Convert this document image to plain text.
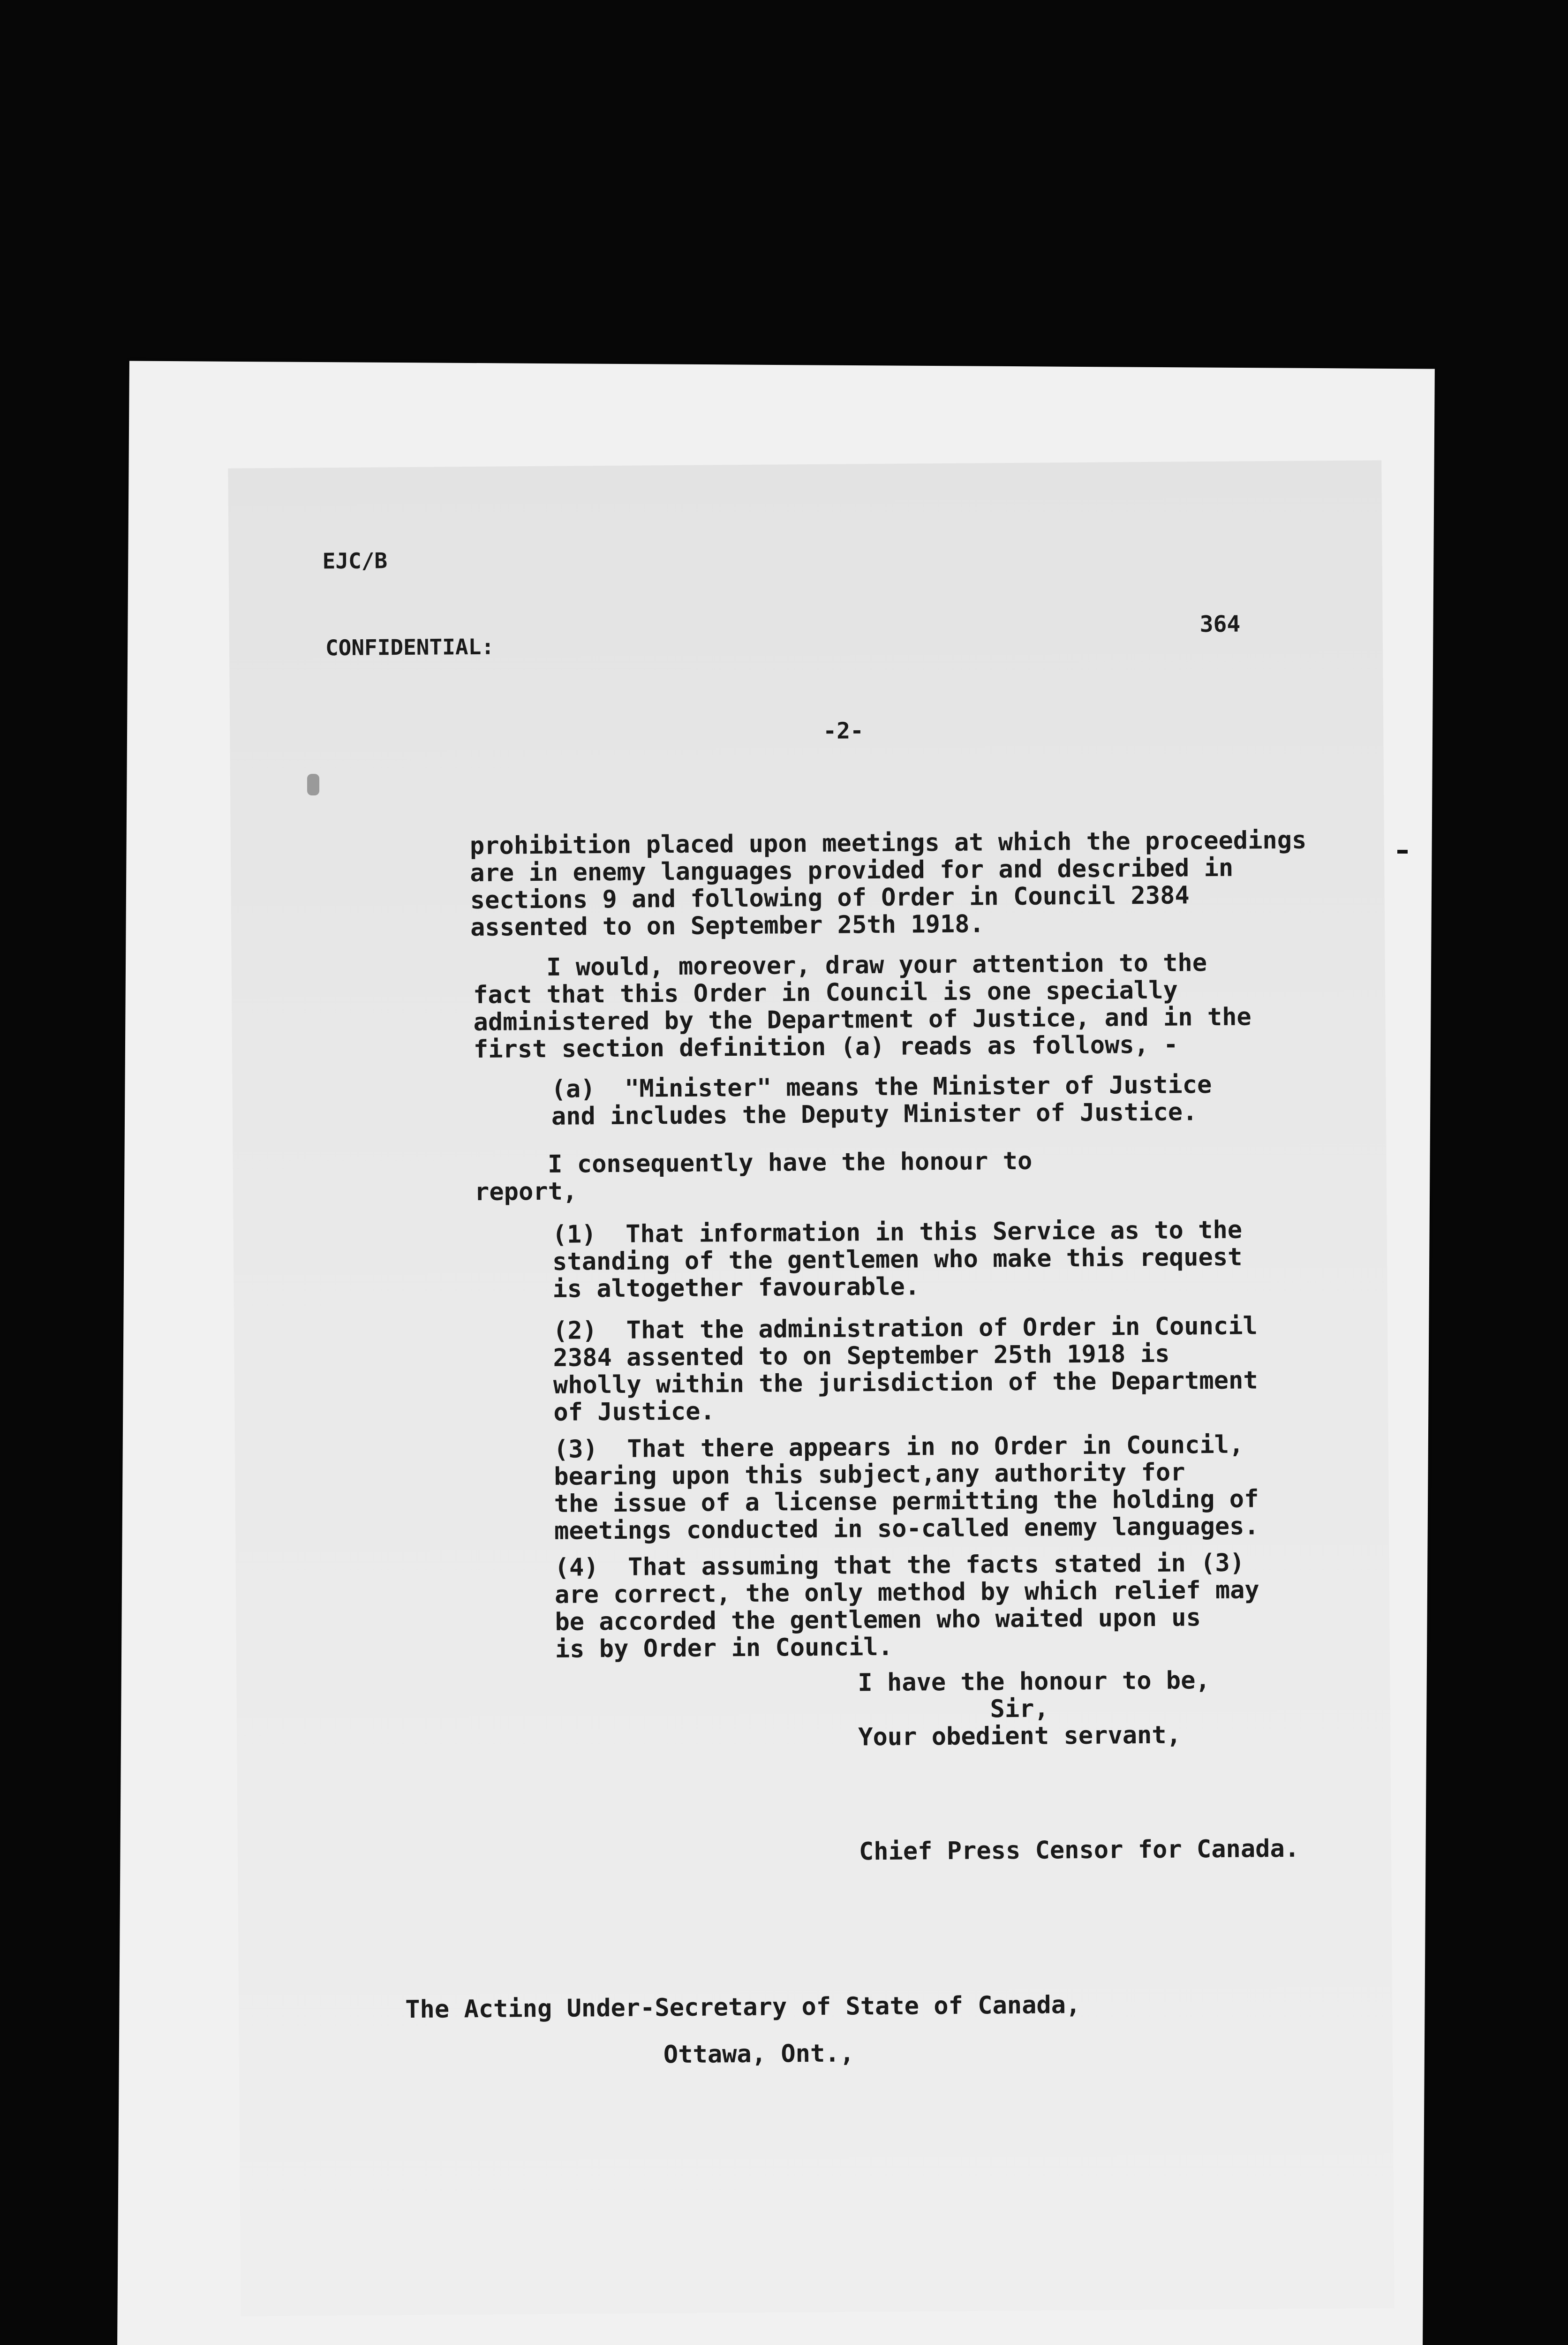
EJC/B

CONFIDENTIAL:

364

-2-

prohibition placed upon meetings at which the proceedings

are in enemy languages provided for and described in

sections 9 and following of Order in Council 2384

assented to on September 25th 1918.

I would, moreover, draw your attention to the

fact that this Order in Council is one specially

administered by the Department of Justice, and in the

first section definition (a) reads as follows, -

(a)  "Minister" means the Minister of Justice

and includes the Deputy Minister of Justice.

I consequently have the honour to

report,

(1)  That information in this Service as to the

standing of the gentlemen who make this request

is altogether favourable.

(2)  That the administration of Order in Council

2384 assented to on September 25th 1918 is

wholly within the jurisdiction of the Department

of Justice.

(3)  That there appears in no Order in Council,

bearing upon this subject,any authority for

the issue of a license permitting the holding of

meetings conducted in so-called enemy languages.

(4)  That assuming that the facts stated in (3)

are correct, the only method by which relief may

be accorded the gentlemen who waited upon us

is by Order in Council.

I have the honour to be,

Sir,

Your obedient servant,

Chief Press Censor for Canada.

The Acting Under-Secretary of State of Canada,

Ottawa, Ont.,
